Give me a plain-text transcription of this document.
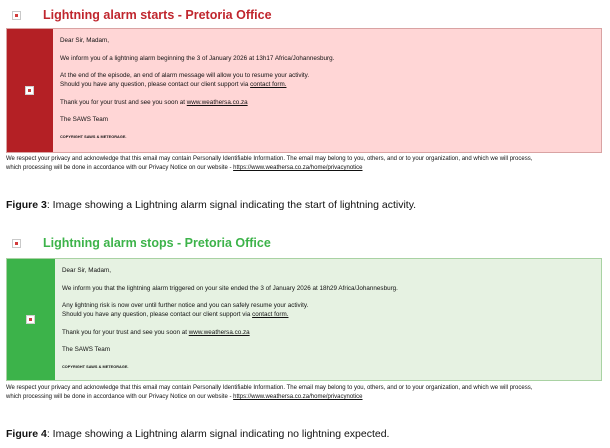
Lightning alarm starts - Pretoria Office

Dear Sir, Madam,

We inform you of a lightning alarm beginning the 3 of January 2026 at 13h17 Africa/Johannesburg.

At the end of the episode, an end of alarm message will allow you to resume your activity.

Should you have any question, please contact our client support via contact form.

Thank you for your trust and see you soon at www.weathersa.co.za

The SAWS Team

COPYRIGHT SAWS & METEORAGE.

We respect your privacy and acknowledge that this email may contain Personally Identifiable Information. The email may belong to you, others, and or to your organization, and which we will process,

which processing will be done in accordance with our Privacy Notice on our website - https://www.weathersa.co.za/home/privacynotice

Figure 3: Image showing a Lightning alarm signal indicating the start of lightning activity.
Lightning alarm stops - Pretoria Office

Dear Sir, Madam,

We inform you that the lightning alarm triggered on your site ended the 3 of January 2026 at 18h29 Africa/Johannesburg.

Any lightning risk is now over until further notice and you can safely resume your activity.

Should you have any question, please contact our client support via contact form.

Thank you for your trust and see you soon at www.weathersa.co.za

The SAWS Team

COPYRIGHT SAWS & METEORAGE.

We respect your privacy and acknowledge that this email may contain Personally Identifiable Information. The email may belong to you, others, and or to your organization, and which we will process,

which processing will be done in accordance with our Privacy Notice on our website - https://www.weathersa.co.za/home/privacynotice

Figure 4: Image showing a Lightning alarm signal indicating no lightning expected.
